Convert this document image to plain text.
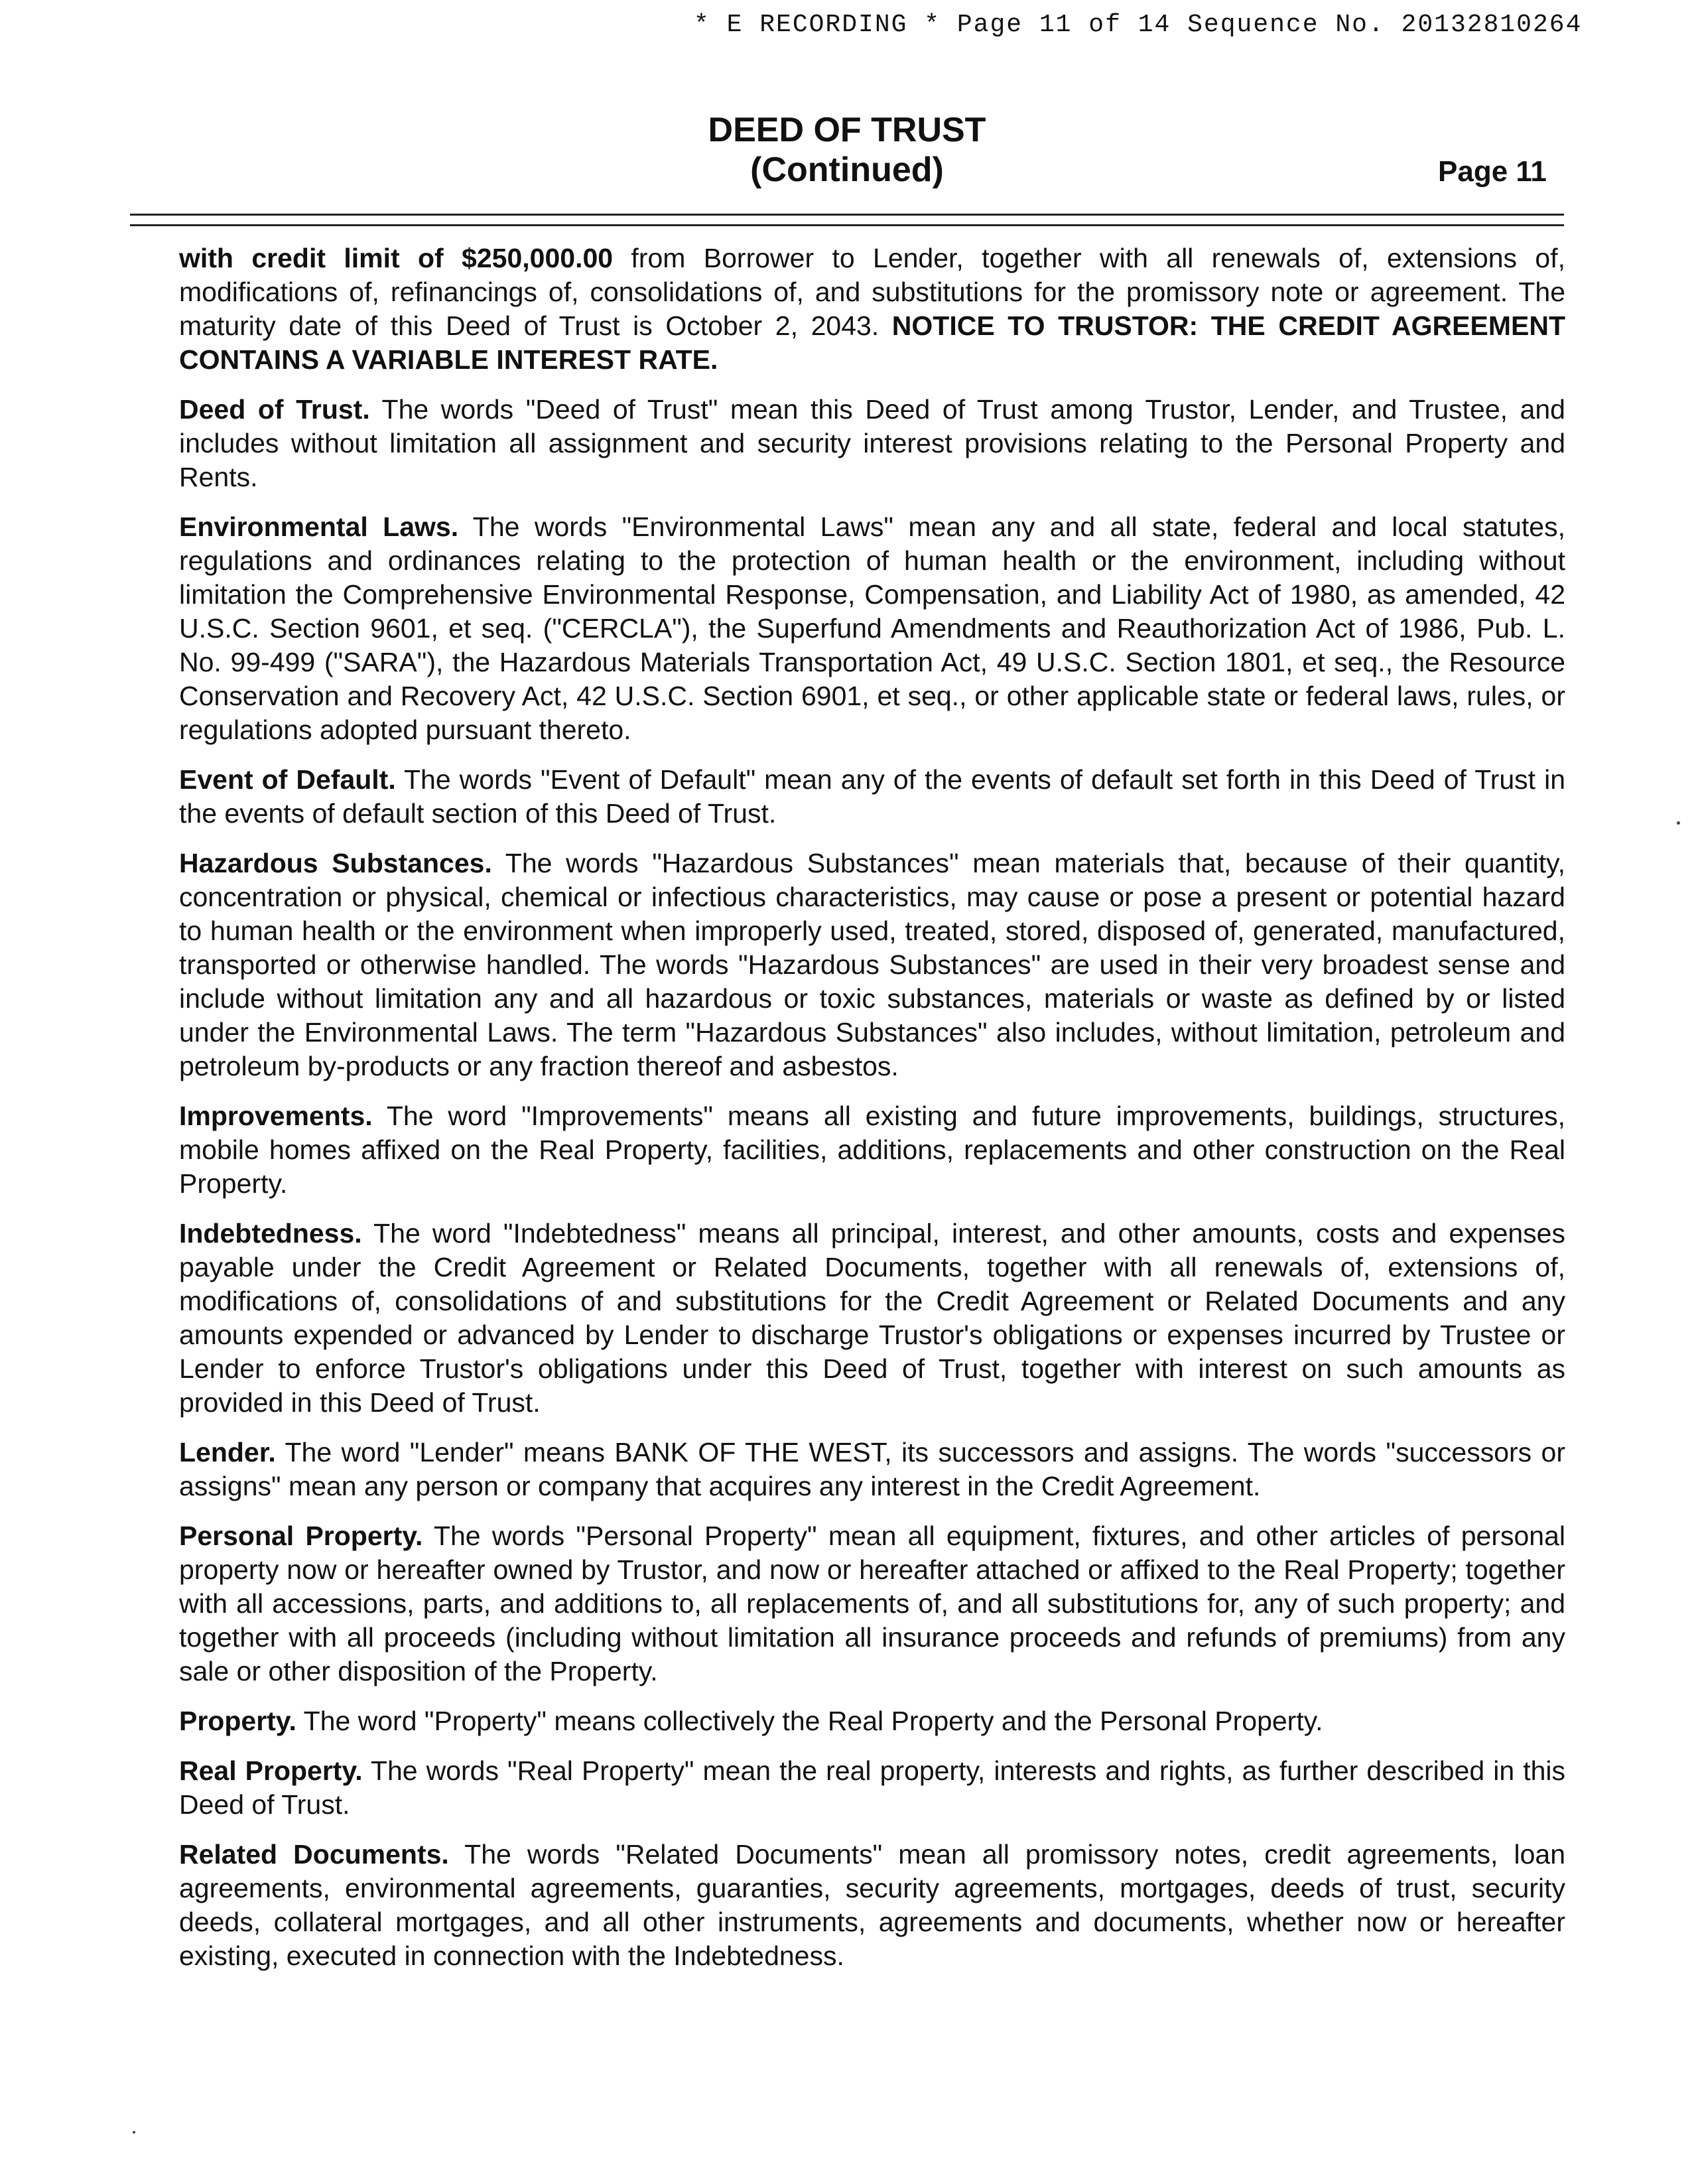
* E RECORDING * Page 11 of 14 Sequence No. 20132810264
DEED OF TRUST
(Continued)	Page 11

with credit limit of $250,000.00 from Borrower to Lender, together with all renewals of, extensions of, modifications of, refinancings of, consolidations of, and substitutions for the promissory note or agreement. The maturity date of this Deed of Trust is October 2, 2043. NOTICE TO TRUSTOR: THE CREDIT AGREEMENT CONTAINS A VARIABLE INTEREST RATE.

Deed of Trust. The words "Deed of Trust" mean this Deed of Trust among Trustor, Lender, and Trustee, and includes without limitation all assignment and security interest provisions relating to the Personal Property and Rents.

Environmental Laws. The words "Environmental Laws" mean any and all state, federal and local statutes, regulations and ordinances relating to the protection of human health or the environment, including without limitation the Comprehensive Environmental Response, Compensation, and Liability Act of 1980, as amended, 42 U.S.C. Section 9601, et seq. ("CERCLA"), the Superfund Amendments and Reauthorization Act of 1986, Pub. L. No. 99-499 ("SARA"), the Hazardous Materials Transportation Act, 49 U.S.C. Section 1801, et seq., the Resource Conservation and Recovery Act, 42 U.S.C. Section 6901, et seq., or other applicable state or federal laws, rules, or regulations adopted pursuant thereto.

Event of Default. The words "Event of Default" mean any of the events of default set forth in this Deed of Trust in the events of default section of this Deed of Trust.

Hazardous Substances. The words "Hazardous Substances" mean materials that, because of their quantity, concentration or physical, chemical or infectious characteristics, may cause or pose a present or potential hazard to human health or the environment when improperly used, treated, stored, disposed of, generated, manufactured, transported or otherwise handled. The words "Hazardous Substances" are used in their very broadest sense and include without limitation any and all hazardous or toxic substances, materials or waste as defined by or listed under the Environmental Laws. The term "Hazardous Substances" also includes, without limitation, petroleum and petroleum by-products or any fraction thereof and asbestos.

Improvements. The word "Improvements" means all existing and future improvements, buildings, structures, mobile homes affixed on the Real Property, facilities, additions, replacements and other construction on the Real Property.

Indebtedness. The word "Indebtedness" means all principal, interest, and other amounts, costs and expenses payable under the Credit Agreement or Related Documents, together with all renewals of, extensions of, modifications of, consolidations of and substitutions for the Credit Agreement or Related Documents and any amounts expended or advanced by Lender to discharge Trustor's obligations or expenses incurred by Trustee or Lender to enforce Trustor's obligations under this Deed of Trust, together with interest on such amounts as provided in this Deed of Trust.

Lender. The word "Lender" means BANK OF THE WEST, its successors and assigns. The words "successors or assigns" mean any person or company that acquires any interest in the Credit Agreement.

Personal Property. The words "Personal Property" mean all equipment, fixtures, and other articles of personal property now or hereafter owned by Trustor, and now or hereafter attached or affixed to the Real Property; together with all accessions, parts, and additions to, all replacements of, and all substitutions for, any of such property; and together with all proceeds (including without limitation all insurance proceeds and refunds of premiums) from any sale or other disposition of the Property.

Property. The word "Property" means collectively the Real Property and the Personal Property.

Real Property. The words "Real Property" mean the real property, interests and rights, as further described in this Deed of Trust.

Related Documents. The words "Related Documents" mean all promissory notes, credit agreements, loan agreements, environmental agreements, guaranties, security agreements, mortgages, deeds of trust, security deeds, collateral mortgages, and all other instruments, agreements and documents, whether now or hereafter existing, executed in connection with the Indebtedness.
